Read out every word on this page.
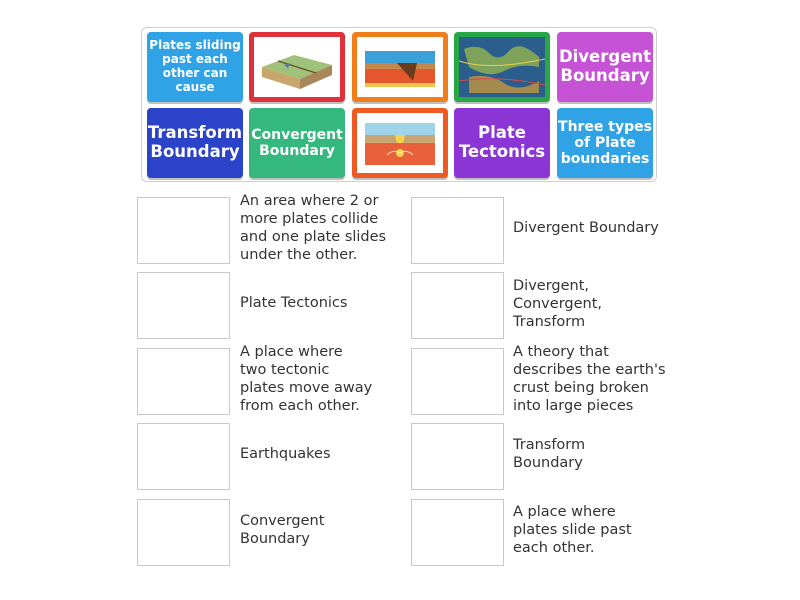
Plates sliding past each other can cause
Divergent Boundary
Transform Boundary
Convergent Boundary
Plate Tectonics
Three types of Plate boundaries
An area where 2 or
more plates collide
and one plate slides
under the other.
Plate Tectonics
A place where
two tectonic
plates move away
from each other.
Earthquakes
Convergent
Boundary
Divergent Boundary
Divergent,
Convergent,
Transform
A theory that
describes the earth's
crust being broken
into large pieces
Transform
Boundary
A place where
plates slide past
each other.
